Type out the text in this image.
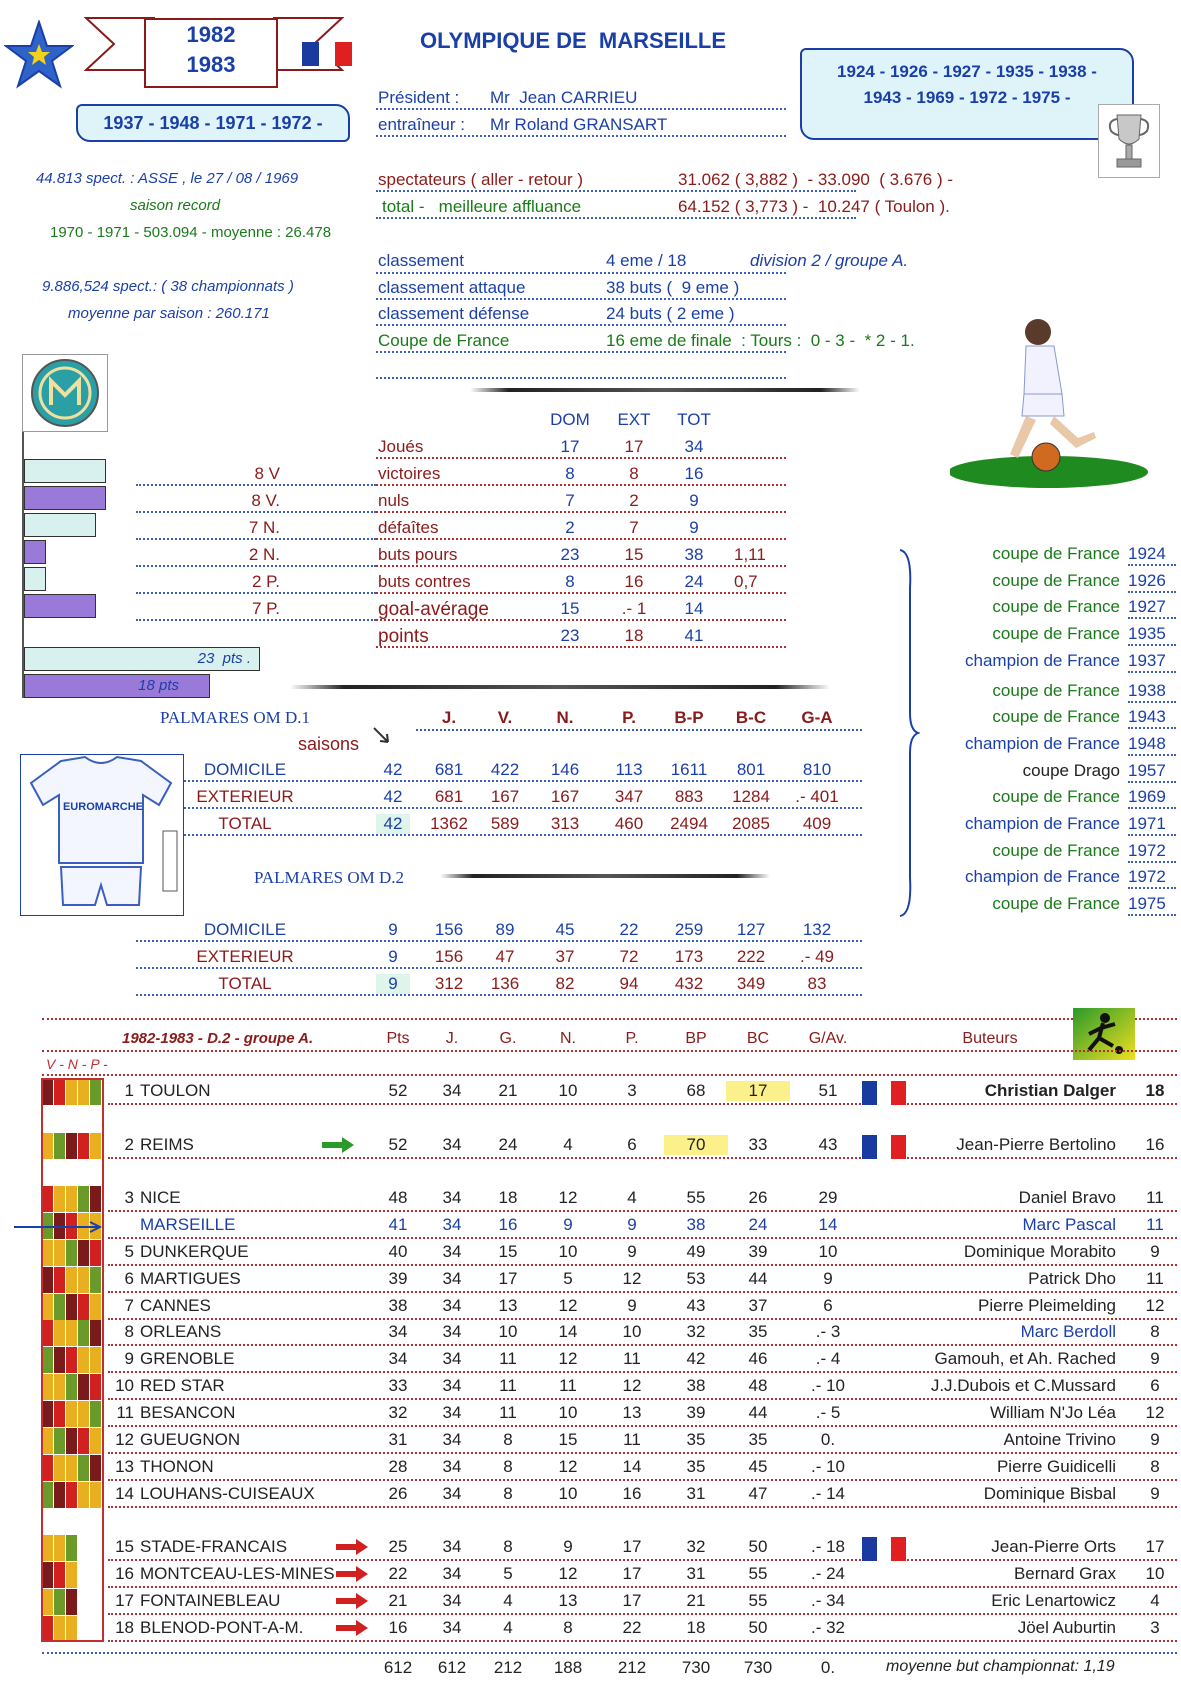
1982
1983
OLYMPIQUE DE  MARSEILLE
1937 - 1948 - 1971 - 1972 -
1924 - 1926 - 1927 - 1935 - 1938 -
1943 - 1969 - 1972 - 1975 -
Président : Mr  Jean CARRIEU
entraîneur : Mr Roland GRANSART
44.813 spect. : ASSE , le 27 / 08 / 1969
saison record
1970 - 1971 - 503.094 - moyenne : 26.478
9.886,524 spect.: ( 38 championnats )
moyenne par saison : 260.171
spectateurs ( aller - retour )	31.062 ( 3,882 )  - 33.090  ( 3.676 ) -
total -   meilleure affluance	64.152 ( 3,773 ) -  10.247 ( Toulon ).
classement	4 eme / 18	division 2 / groupe A.
classement attaque	38 buts (  9 eme )
classement défense	24 buts ( 2 eme )
Coupe de France	16 eme de finale  : Tours :  0 - 3 -  * 2 - 1.
23  pts .
18 pts
DOM	EXT	TOT
Joués	17	17	34
8 V	victoires	8	8	16
8 V.	nuls	7	2	9
7 N.	défaîtes	2	7	9
2 N.	buts pours	23	15	38	1,11
2 P.	buts contres	8	16	24	0,7
7 P.	goal-avérage	15	.- 1	14
points	23	18	41
coupe de France 1924
coupe de France 1926
coupe de France 1927
coupe de France 1935
champion de France 1937
coupe de France 1938
coupe de France 1943
champion de France 1948
coupe Drago 1957
coupe de France 1969
champion de France 1971
coupe de France 1972
champion de France 1972
coupe de France 1975
PALMARES OM D.1
saisons
J.	V.	N.	P.	B-P	B-C	G-A
DOMICILE	42	681	422	146	113	1611	801	810
EXTERIEUR	42	681	167	167	347	883	1284	.- 401
TOTAL	42	1362	589	313	460	2494	2085	409
DOMICILE	9	156	89	45	22	259	127	132
EXTERIEUR	9	156	47	37	72	173	222	.- 49
TOTAL	9	312	136	82	94	432	349	83
EUROMARCHE
PALMARES OM D.2
1982-1983 - D.2 - groupe A.
V - N - P -
Pts	J.	G.	N.	P.	BP	BC	G/Av.	Buteurs
1 TOULON	52	34	21	10	3	68	17	51	Christian Dalger	18
2 REIMS	52	34	24	4	6	70	33	43	Jean-Pierre Bertolino	16
3 NICE	48	34	18	12	4	55	26	29	Daniel Bravo	11
MARSEILLE	41	34	16	9	9	38	24	14	Marc Pascal	11
5 DUNKERQUE	40	34	15	10	9	49	39	10	Dominique Morabito	9
6 MARTIGUES	39	34	17	5	12	53	44	9	Patrick Dho	11
7 CANNES	38	34	13	12	9	43	37	6	Pierre Pleimelding	12
8 ORLEANS	34	34	10	14	10	32	35	.- 3	Marc Berdoll	8
9 GRENOBLE	34	34	11	12	11	42	46	.- 4	Gamouh, et Ah. Rached	9
10 RED STAR	33	34	11	11	12	38	48	.- 10	J.J.Dubois et C.Mussard	6
11 BESANCON	32	34	11	10	13	39	44	.- 5	William N'Jo Léa	12
12 GUEUGNON	31	34	8	15	11	35	35	0.	Antoine Trivino	9
13 THONON	28	34	8	12	14	35	45	.- 10	Pierre Guidicelli	8
14 LOUHANS-CUISEAUX	26	34	8	10	16	31	47	.- 14	Dominique Bisbal	9
15 STADE-FRANCAIS	25	34	8	9	17	32	50	.- 18	Jean-Pierre Orts	17
16 MONTCEAU-LES-MINES	22	34	5	12	17	31	55	.- 24	Bernard Grax	10
17 FONTAINEBLEAU	21	34	4	13	17	21	55	.- 34	Eric Lenartowicz	4
18 BLENOD-PONT-A-M.	16	34	4	8	22	18	50	.- 32	Jöel Auburtin	3
612	612	212	188	212	730	730	0.	moyenne but championnat: 1,19
